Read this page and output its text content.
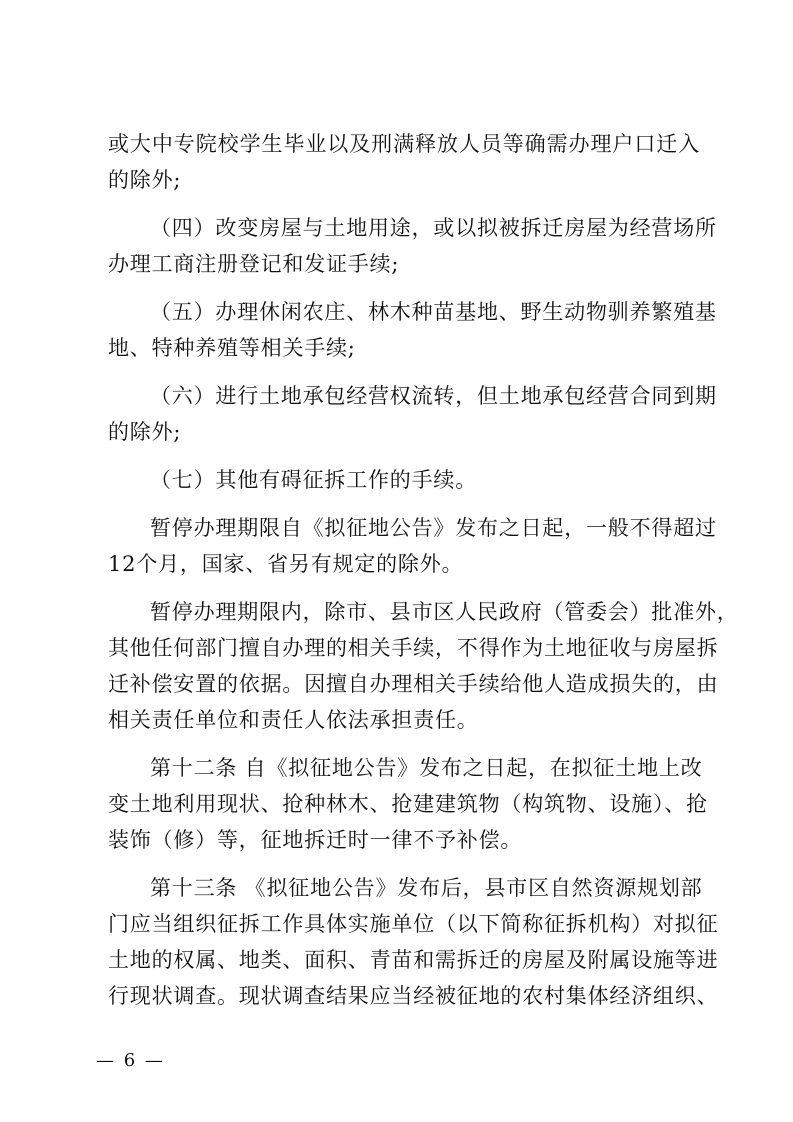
或大中专院校学生毕业以及刑满释放人员等确需办理户口迁入
的除外;
（四）改变房屋与土地用途，或以拟被拆迁房屋为经营场所
办理工商注册登记和发证手续;
（五）办理休闲农庄、林木种苗基地、野生动物驯养繁殖基
地、特种养殖等相关手续;
（六）进行土地承包经营权流转，但土地承包经营合同到期
的除外;
（七）其他有碍征拆工作的手续。
暂停办理期限自《拟征地公告》发布之日起，一般不得超过
12个月，国家、省另有规定的除外。
暂停办理期限内，除市、县市区人民政府（管委会）批准外，
其他任何部门擅自办理的相关手续，不得作为土地征收与房屋拆
迁补偿安置的依据。因擅自办理相关手续给他人造成损失的，由
相关责任单位和责任人依法承担责任。
第十二条 自《拟征地公告》发布之日起，在拟征土地上改
变土地利用现状、抢种林木、抢建建筑物（构筑物、设施）、抢
装饰（修）等，征地拆迁时一律不予补偿。
第十三条 《拟征地公告》发布后，县市区自然资源规划部
门应当组织征拆工作具体实施单位（以下简称征拆机构）对拟征
土地的权属、地类、面积、青苗和需拆迁的房屋及附属设施等进
行现状调查。现状调查结果应当经被征地的农村集体经济组织、
— 6 —
